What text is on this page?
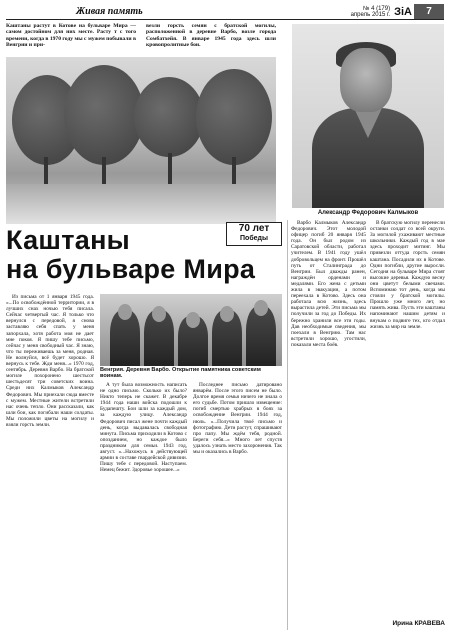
Живая память	№ 4 (179)
апрель 2015 г. ЗіА	7
Каштаны растут в Котове на бульваре Мира — самом достойном для них месте. Расту т с того времени, когда в 1970 году мы с мужем побывали в Венгрии и при-
везли горсть семян с братской могилы, расположенной в деревне Варбо, возле города Сомбатхейя. В январе 1945 года здесь шли кровопролитные бои.
Александр Федорович Калмыков
Каштаны
на бульваре Мира
70 лет
Победы
Венгрия. Деревня Варбо. Открытие памятника советским воинам.

Из письма от 1 января 1945 года. «...По освобождённой территории, я в лучших снах ночью тебя писала. Сейчас четвертый час. Я только что вернулся с передовой, я снова заставляю себя спать у меня запорхала, хотя работа моя не дает мне покоя. Я пишу тебе письмо, сейчас у меня свободный час. Я знаю, что ты переживаешь за меня, родная. Не волнуйся, всё будет хорошо. Я вернусь к тебе. Жди меня...» 1970 год, сентябрь. Деревня Варбо. На братской могиле похоронено шестьсот шестьдесят три советских воина. Среди них Калмыков Александр Федорович. Мы приехали сюда вместе с мужем. Местные жители встретили нас очень тепло. Они рассказали, как шли бои, как погибали наши солдаты. Мы положили цветы на могилу и взяли горсть земли.

А тут была возможность написать не одно письмо. Сколько их было? Никто теперь не скажет. В декабре 1944 года наши войска подошли к Будапешту. Бои шли за каждый дом, за каждую улицу. Александр Федорович писал жене почти каждый день, когда выдавалась свободная минута. Письма приходили в Котово с опозданием, но каждое было праздником для семьи. 1943 год, август. «...Нахожусь в действующей армии в составе гвардейской дивизии. Пишу тебе с передовой. Наступаем. Немец бежит. Здоровье хорошее...»

Последнее письмо датировано январём. После этого писем не было. Долгое время семья ничего не знала о его судьбе. Потом пришло извещение: погиб смертью храбрых в боях за освобождение Венгрии. 1944 год, июль. «...Получила твоё письмо и фотографию. Дети растут, спрашивают про папу. Мы ждём тебя, родной. Береги себя...» Много лет спустя удалось узнать место захоронения. Так мы и оказались в Варбо.

Варбо Калмыков Алекcандр Федорович. Этот молодой офицер погиб 20 января 1945 года. Он был родом из Саратовской области, работал учителем. В 1941 году ушёл добровольцем на фронт. Прошёл путь от Сталинграда до Венгрии. Был дважды ранен, награждён орденами и медалями. Его жена с детьми жила в эвакуации, а потом переехала в Котово. Здесь она работала всю жизнь, здесь вырастила детей. Эти письма мы получили за год до Победы. Их бережно хранили все эти годы. Дав необходимые сведения, мы поехали в Венгрию. Там нас встретили хорошо, угостили, показали места боёв.

В братскую могилу перенесли останки солдат со всей округи. За могилой ухаживают местные школьники. Каждый год в мае здесь проходит митинг. Мы привезли оттуда горсть семян каштана. Посадили их в Котове. Одни погибли, другие выросли. Сегодня на бульваре Мира стоят высокие деревья. Каждую весну они цветут белыми свечами. Вспоминаю тот день, когда мы стояли у братской могилы. Прошло уже много лет, но память жива. Пусть эти каштаны напоминают нашим детям и внукам о подвиге тех, кто отдал жизнь за мир на земле.

Ирина КРАВЕВА
